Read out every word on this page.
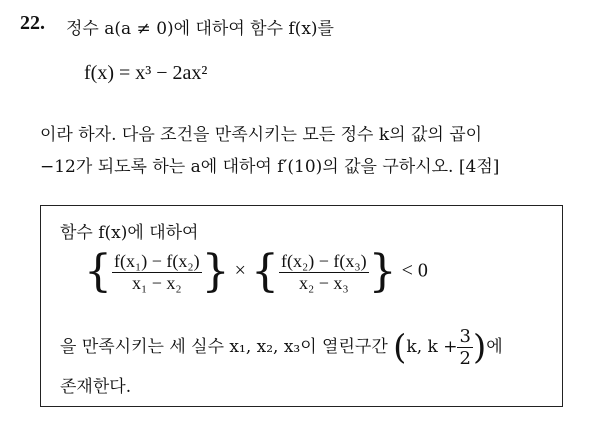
22. 정수 a(a ≠ 0)에 대하여 함수 f(x)를
f(x) = x³ − 2ax²
이라 하자. 다음 조건을 만족시키는 모든 정수 k의 값의 곱이
−12가 되도록 하는 a에 대하여 f′(10)의 값을 구하시오. [4점]
함수 f(x)에 대하여
{ $\frac{\text{f(x₁) − f(x₂)}}{\text{x₁ − x₂}}$ } × { $\frac{\text{f(x₂) − f(x₃)}}{\text{x₂ − x₃}}$ } < 0
을 만족시키는 세 실수 x₁, x₂, x₃이 열린구간 (k, $k + \frac{3}{2}$ )에
존재한다.
